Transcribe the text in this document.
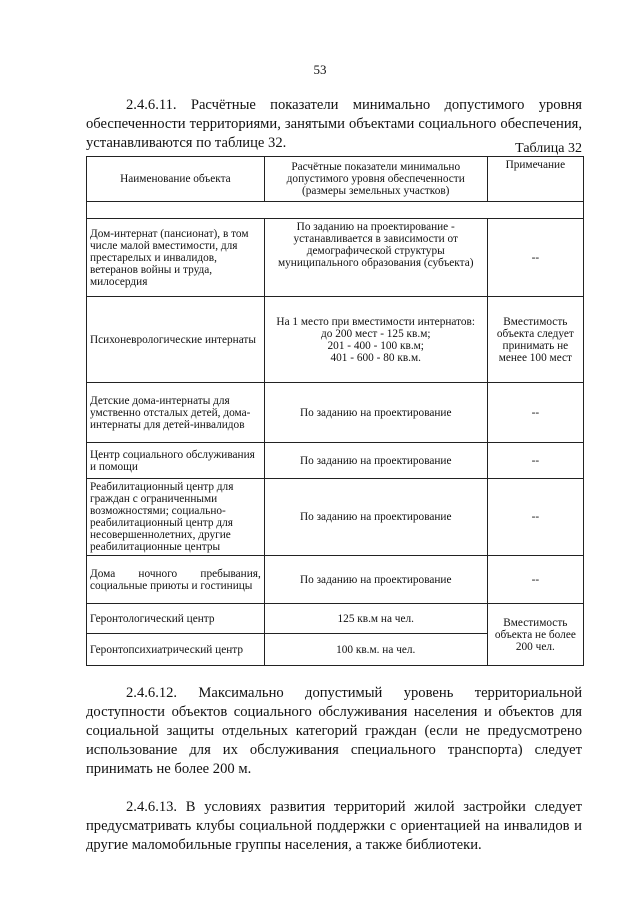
53
2.4.6.11. Расчётные показатели минимально допустимого уровня обеспеченности территориями, занятыми объектами социального обеспечения, устанавливаются по таблице 32.	Таблица 32
Наименование объекта	Расчётные показатели минимально допустимого уровня обеспеченности (размеры земельных участков)	Примечание

Дом-интернат (пансионат), в том числе малой вместимости, для престарелых и инвалидов, ветеранов войны и труда, милосердия	По заданию на проектирование - устанавливается в зависимости от демографической структуры муниципального образования (субъекта)	--
Психоневрологические интернаты	На 1 место при вместимости интернатов:
до 200 мест - 125 кв.м;
201 - 400 - 100 кв.м;
401 - 600 - 80 кв.м.	Вместимость объекта следует принимать не менее 100 мест
Детские дома-интернаты для умственно отсталых детей, дома-интернаты для детей-инвалидов	По заданию на проектирование	--
Центр социального обслуживания и помощи	По заданию на проектирование	--
Реабилитационный центр для граждан с ограниченными возможностями; социально-реабилитационный центр для несовершеннолетних, другие реабилитационные центры	По заданию на проектирование	--
Дома ночного пребывания, социальные приюты и гостиницы	По заданию на проектирование	--
Геронтологический центр	125 кв.м на чел.	Вместимость объекта не более 200 чел.
Геронтопсихиатрический центр	100 кв.м. на чел.	
2.4.6.12. Максимально допустимый уровень территориальной доступности объектов социального обслуживания населения и объектов для социальной защиты отдельных категорий граждан (если не предусмотрено использование для их обслуживания специального транспорта) следует принимать не более 200 м.
2.4.6.13. В условиях развития территорий жилой застройки следует предусматривать клубы социальной поддержки с ориентацией на инвалидов и другие маломобильные группы населения, а также библиотеки.
